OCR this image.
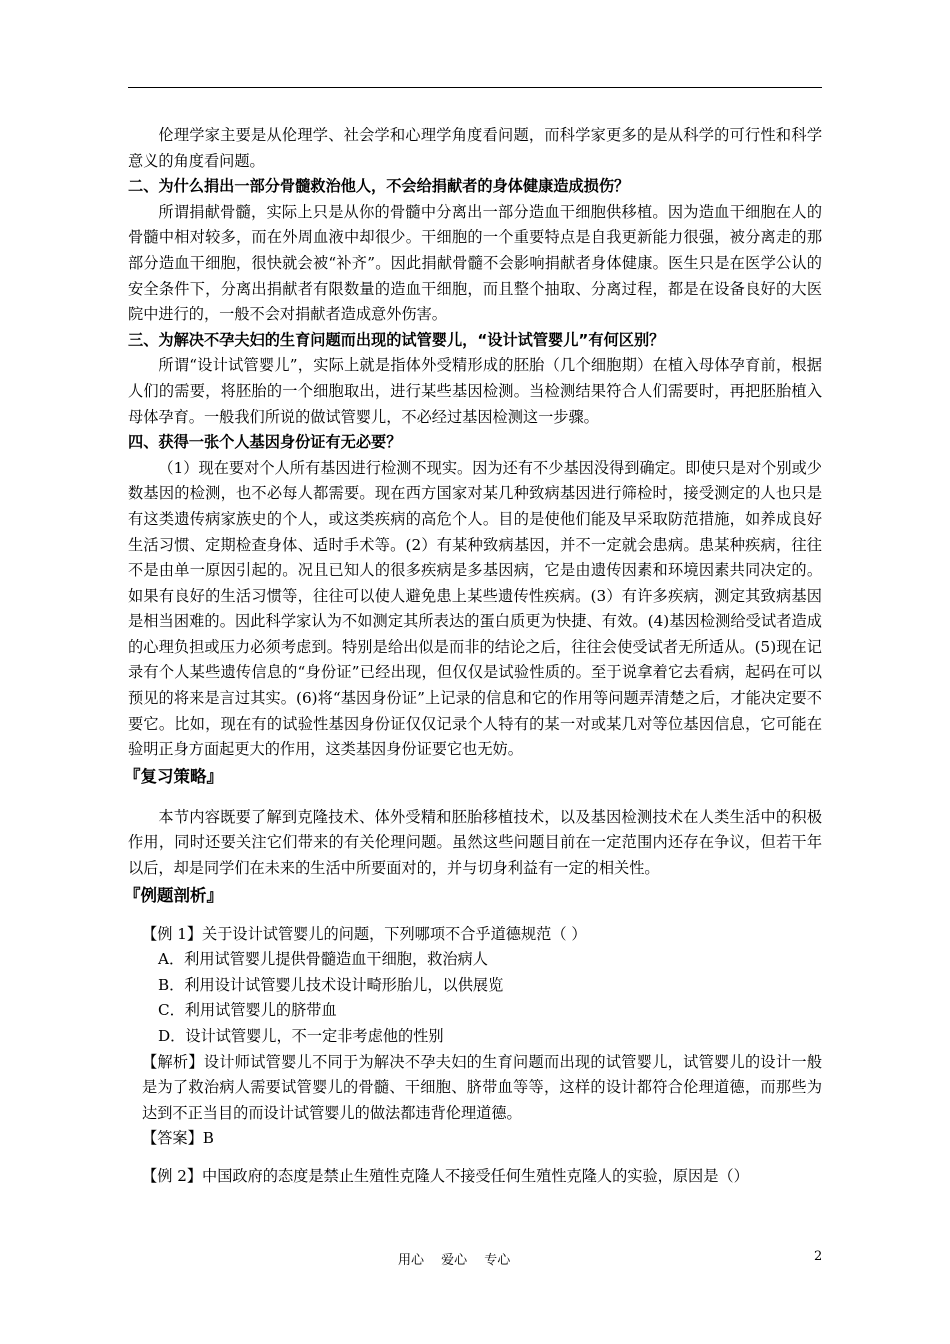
伦理学家主要是从伦理学、社会学和心理学角度看问题，而科学家更多的是从科学的可行性和科学意义的角度看问题。

二、为什么捐出一部分骨髓救治他人，不会给捐献者的身体健康造成损伤？

所谓捐献骨髓，实际上只是从你的骨髓中分离出一部分造血干细胞供移植。因为造血干细胞在人的骨髓中相对较多，而在外周血液中却很少。干细胞的一个重要特点是自我更新能力很强，被分离走的那部分造血干细胞，很快就会被“补齐”。因此捐献骨髓不会影响捐献者身体健康。医生只是在医学公认的安全条件下，分离出捐献者有限数量的造血干细胞，而且整个抽取、分离过程，都是在设备良好的大医院中进行的，一般不会对捐献者造成意外伤害。

三、为解决不孕夫妇的生育问题而出现的试管婴儿，“设计试管婴儿”有何区别？

所谓“设计试管婴儿”，实际上就是指体外受精形成的胚胎（几个细胞期）在植入母体孕育前，根据人们的需要，将胚胎的一个细胞取出，进行某些基因检测。当检测结果符合人们需要时，再把胚胎植入母体孕育。一般我们所说的做试管婴儿，不必经过基因检测这一步骤。

四、获得一张个人基因身份证有无必要？

（1）现在要对个人所有基因进行检测不现实。因为还有不少基因没得到确定。即使只是对个别或少数基因的检测，也不必每人都需要。现在西方国家对某几种致病基因进行筛检时，接受测定的人也只是有这类遗传病家族史的个人，或这类疾病的高危个人。目的是使他们能及早采取防范措施，如养成良好生活习惯、定期检查身体、适时手术等。(2）有某种致病基因，并不一定就会患病。患某种疾病，往往不是由单一原因引起的。况且已知人的很多疾病是多基因病，它是由遗传因素和环境因素共同决定的。如果有良好的生活习惯等，往往可以使人避免患上某些遗传性疾病。(3）有许多疾病，测定其致病基因是相当困难的。因此科学家认为不如测定其所表达的蛋白质更为快捷、有效。(4)基因检测给受试者造成的心理负担或压力必须考虑到。特别是给出似是而非的结论之后，往往会使受试者无所适从。(5)现在记录有个人某些遗传信息的“身份证”已经出现，但仅仅是试验性质的。至于说拿着它去看病，起码在可以预见的将来是言过其实。(6)将“基因身份证”上记录的信息和它的作用等问题弄清楚之后，才能决定要不要它。比如，现在有的试验性基因身份证仅仅记录个人特有的某一对或某几对等位基因信息，它可能在验明正身方面起更大的作用，这类基因身份证要它也无妨。

『复习策略』

本节内容既要了解到克隆技术、体外受精和胚胎移植技术，以及基因检测技术在人类生活中的积极作用，同时还要关注它们带来的有关伦理问题。虽然这些问题目前在一定范围内还存在争议，但若干年以后，却是同学们在未来的生活中所要面对的，并与切身利益有一定的相关性。

『例题剖析』

【例 1】关于设计试管婴儿的问题，下列哪项不合乎道德规范（ ）

A．利用试管婴儿提供骨髓造血干细胞，救治病人

B．利用设计试管婴儿技术设计畸形胎儿，以供展览

C．利用试管婴儿的脐带血

D．设计试管婴儿，不一定非考虑他的性别

【解析】设计师试管婴儿不同于为解决不孕夫妇的生育问题而出现的试管婴儿，试管婴儿的设计一般是为了救治病人需要试管婴儿的骨髓、干细胞、脐带血等等，这样的设计都符合伦理道德，而那些为达到不正当目的而设计试管婴儿的做法都违背伦理道德。

【答案】B

【例 2】中国政府的态度是禁止生殖性克隆人不接受任何生殖性克隆人的实验，原因是（）

用心　 爱心　 专心	2
